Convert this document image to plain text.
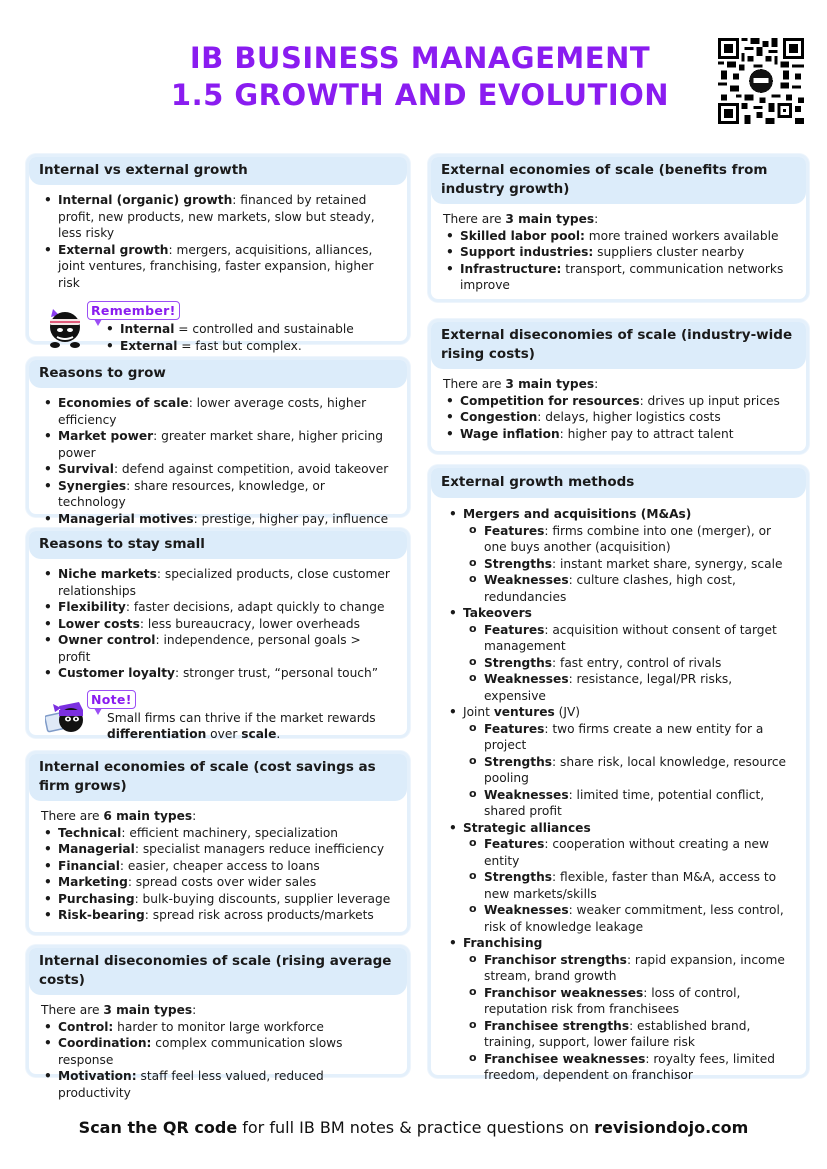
IB BUSINESS MANAGEMENT
1.5 GROWTH AND EVOLUTION
Internal vs external growth
• Internal (organic) growth: financed by retained profit, new products, new markets, slow but steady, less risky
• External growth: mergers, acquisitions, alliances, joint ventures, franchising, faster expansion, higher risk
Remember!
• Internal = controlled and sustainable
• External = fast but complex.
Reasons to grow
• Economies of scale: lower average costs, higher efficiency
• Market power: greater market share, higher pricing power
• Survival: defend against competition, avoid takeover
• Synergies: share resources, knowledge, or technology
• Managerial motives: prestige, higher pay, influence
Reasons to stay small
• Niche markets: specialized products, close customer relationships
• Flexibility: faster decisions, adapt quickly to change
• Lower costs: less bureaucracy, lower overheads
• Owner control: independence, personal goals > profit
• Customer loyalty: stronger trust, “personal touch”
Note!
Small firms can thrive if the market rewards differentiation over scale.
Internal economies of scale (cost savings as firm grows)
There are 6 main types:
• Technical: efficient machinery, specialization
• Managerial: specialist managers reduce inefficiency
• Financial: easier, cheaper access to loans
• Marketing: spread costs over wider sales
• Purchasing: bulk-buying discounts, supplier leverage
• Risk-bearing: spread risk across products/markets
Internal diseconomies of scale (rising average costs)
There are 3 main types:
• Control: harder to monitor large workforce
• Coordination: complex communication slows response
• Motivation: staff feel less valued, reduced productivity
External economies of scale (benefits from industry growth)
There are 3 main types:
• Skilled labor pool: more trained workers available
• Support industries: suppliers cluster nearby
• Infrastructure: transport, communication networks improve
External diseconomies of scale (industry-wide rising costs)
There are 3 main types:
• Competition for resources: drives up input prices
• Congestion: delays, higher logistics costs
• Wage inflation: higher pay to attract talent
External growth methods
• Mergers and acquisitions (M&As)
o Features: firms combine into one (merger), or one buys another (acquisition)
o Strengths: instant market share, synergy, scale
o Weaknesses: culture clashes, high cost, redundancies
• Takeovers
o Features: acquisition without consent of target management
o Strengths: fast entry, control of rivals
o Weaknesses: resistance, legal/PR risks, expensive
• Joint ventures (JV)
o Features: two firms create a new entity for a project
o Strengths: share risk, local knowledge, resource pooling
o Weaknesses: limited time, potential conflict, shared profit
• Strategic alliances
o Features: cooperation without creating a new entity
o Strengths: flexible, faster than M&A, access to new markets/skills
o Weaknesses: weaker commitment, less control, risk of knowledge leakage
• Franchising
o Franchisor strengths: rapid expansion, income stream, brand growth
o Franchisor weaknesses: loss of control, reputation risk from franchisees
o Franchisee strengths: established brand, training, support, lower failure risk
o Franchisee weaknesses: royalty fees, limited freedom, dependent on franchisor
Scan the QR code for full IB BM notes & practice questions on revisiondojo.com
